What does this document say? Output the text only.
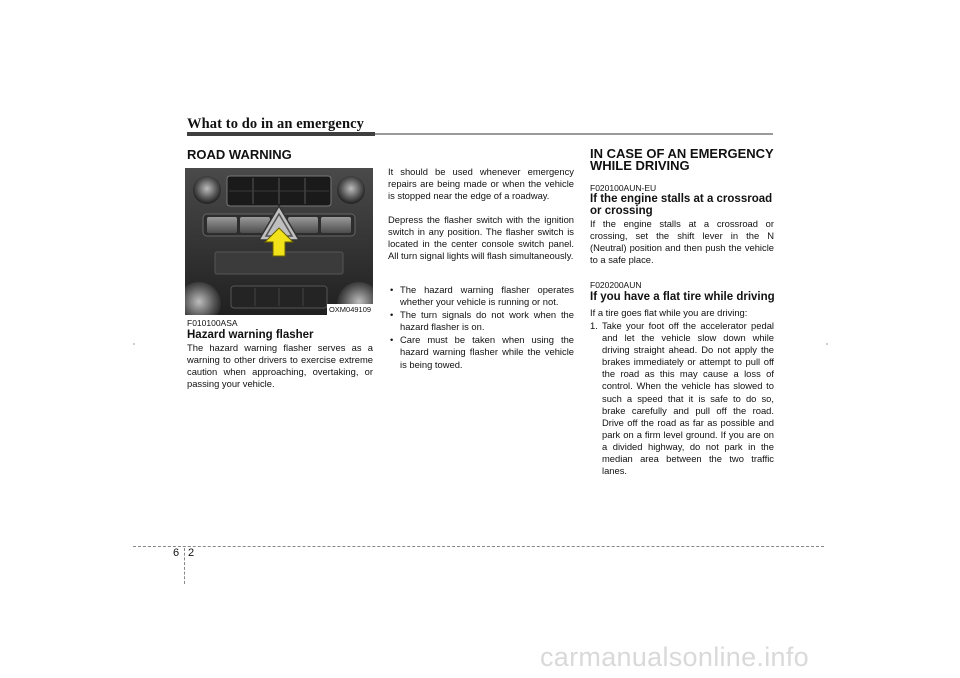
What to do in an emergency
ROAD WARNING
OXM049109
F010100ASA
Hazard warning flasher
The hazard warning flasher serves as a warning to other drivers to exercise extreme caution when approaching, overtaking, or passing your vehicle.
It should be used whenever emergency repairs are being made or when the vehicle is stopped near the edge of a roadway.
Depress the flasher switch with the ignition switch in any position. The flasher switch is located in the center console switch panel. All turn signal lights will flash simultaneously.
• The hazard warning flasher operates whether your vehicle is running or not.
• The turn signals do not work when the hazard flasher is on.
• Care must be taken when using the hazard warning flasher while the vehicle is being towed.
IN CASE OF AN EMERGENCY
WHILE DRIVING
F020100AUN-EU
If the engine stalls at a crossroad
or crossing
If the engine stalls at a crossroad or crossing, set the shift lever in the N (Neutral) position and then push the vehicle to a safe place.
F020200AUN
If you have a flat tire while driving
If a tire goes flat while you are driving:
1. Take your foot off the accelerator pedal and let the vehicle slow down while driving straight ahead. Do not apply the brakes immediately or attempt to pull off the road as this may cause a loss of control. When the vehicle has slowed to such a speed that it is safe to do so, brake carefully and pull off the road. Drive off the road as far as possible and park on a firm level ground. If you are on a divided highway, do not park in the median area between the two traffic lanes.
6 2
carmanualsonline.info
